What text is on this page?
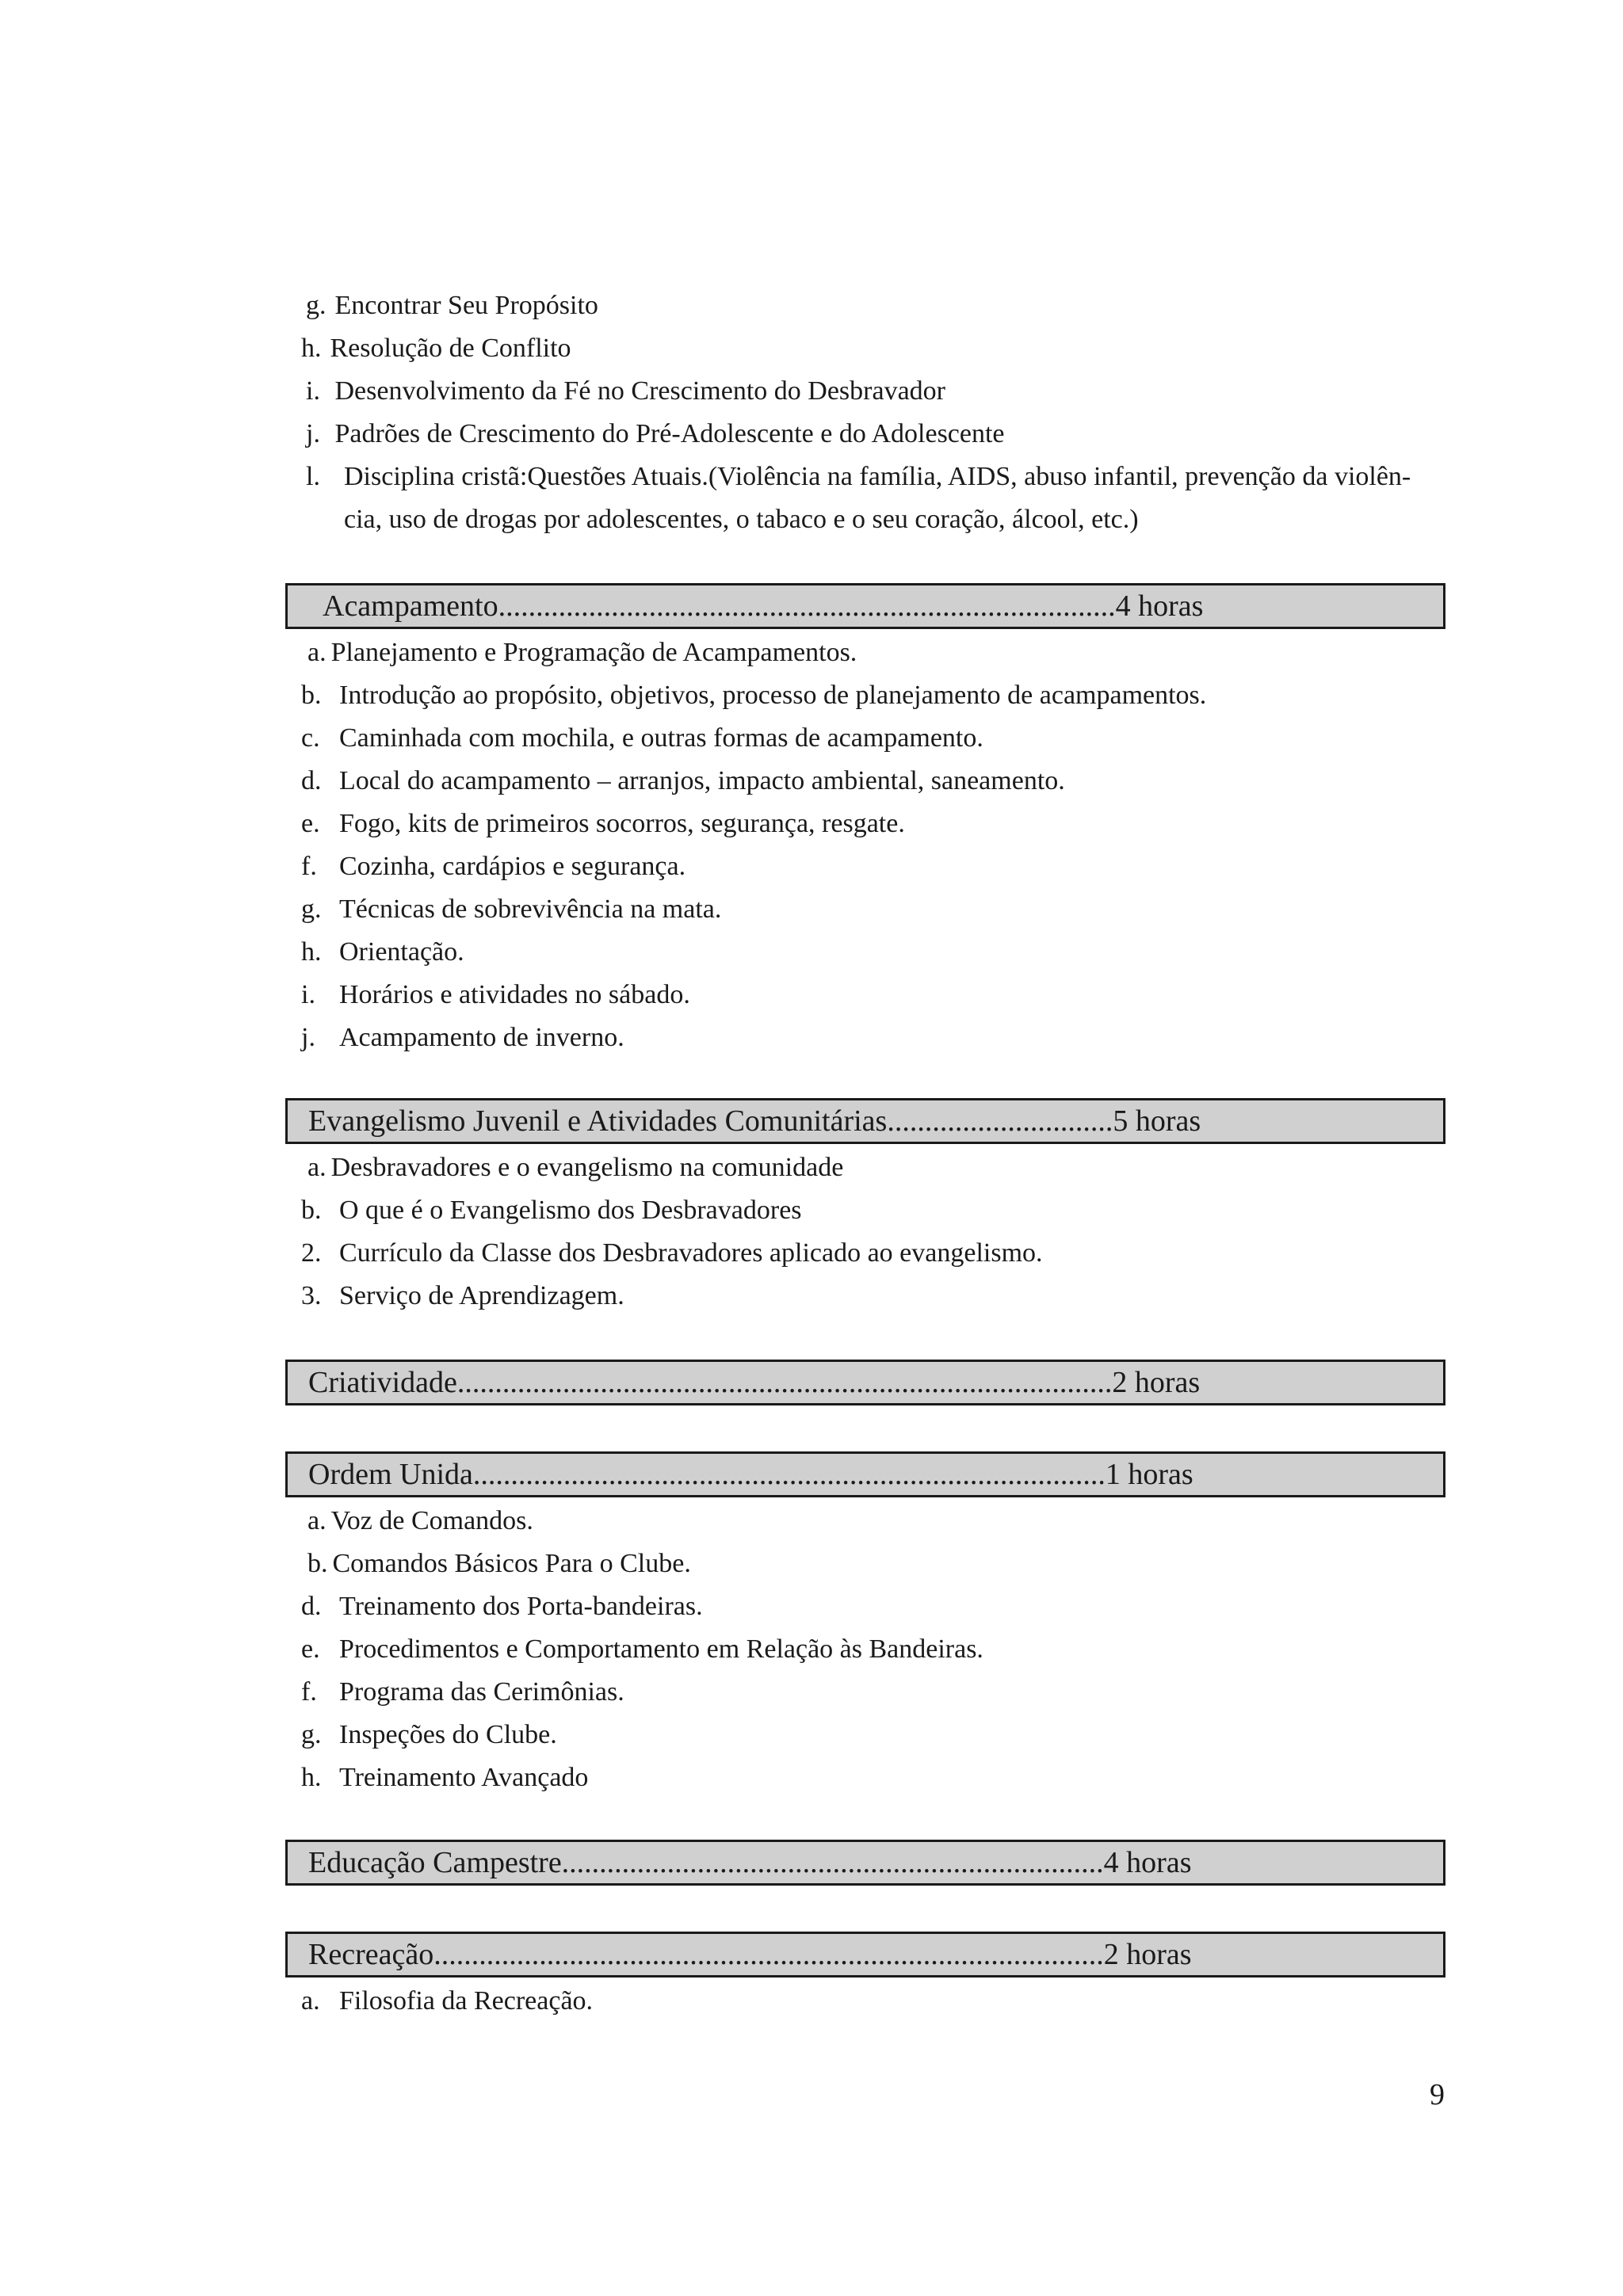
g. Encontrar Seu Propósito
h. Resolução de Conflito
i. Desenvolvimento da Fé no Crescimento do Desbravador
j. Padrões de Crescimento do Pré-Adolescente e do Adolescente
l. Disciplina cristã:Questões Atuais.(Violência na família, AIDS, abuso infantil, prevenção da violên-
cia, uso de drogas por adolescentes, o tabaco e o seu coração, álcool, etc.)
Acampamento..................................................................................4 horas
a. Planejamento e Programação de Acampamentos.
b. Introdução ao propósito, objetivos, processo de planejamento de acampamentos.
c. Caminhada com mochila, e outras formas de acampamento.
d. Local do acampamento – arranjos, impacto ambiental, saneamento.
e. Fogo, kits de primeiros socorros, segurança, resgate.
f. Cozinha, cardápios e segurança.
g. Técnicas de sobrevivência na mata.
h. Orientação.
i. Horários e atividades no sábado.
j. Acampamento de inverno.
Evangelismo Juvenil e Atividades Comunitárias..............................5 horas
a. Desbravadores e o evangelismo na comunidade
b. O que é o Evangelismo dos Desbravadores
2. Currículo da Classe dos Desbravadores aplicado ao evangelismo.
3. Serviço de Aprendizagem.
Criatividade.......................................................................................2 horas
Ordem Unida....................................................................................1 horas
a. Voz de Comandos.
b. Comandos Básicos Para o Clube.
d. Treinamento dos Porta-bandeiras.
e. Procedimentos e Comportamento em Relação às Bandeiras.
f. Programa das Cerimônias.
g. Inspeções do Clube.
h. Treinamento Avançado
Educação Campestre........................................................................4 horas
Recreação.........................................................................................2 horas
a. Filosofia da Recreação.
9
